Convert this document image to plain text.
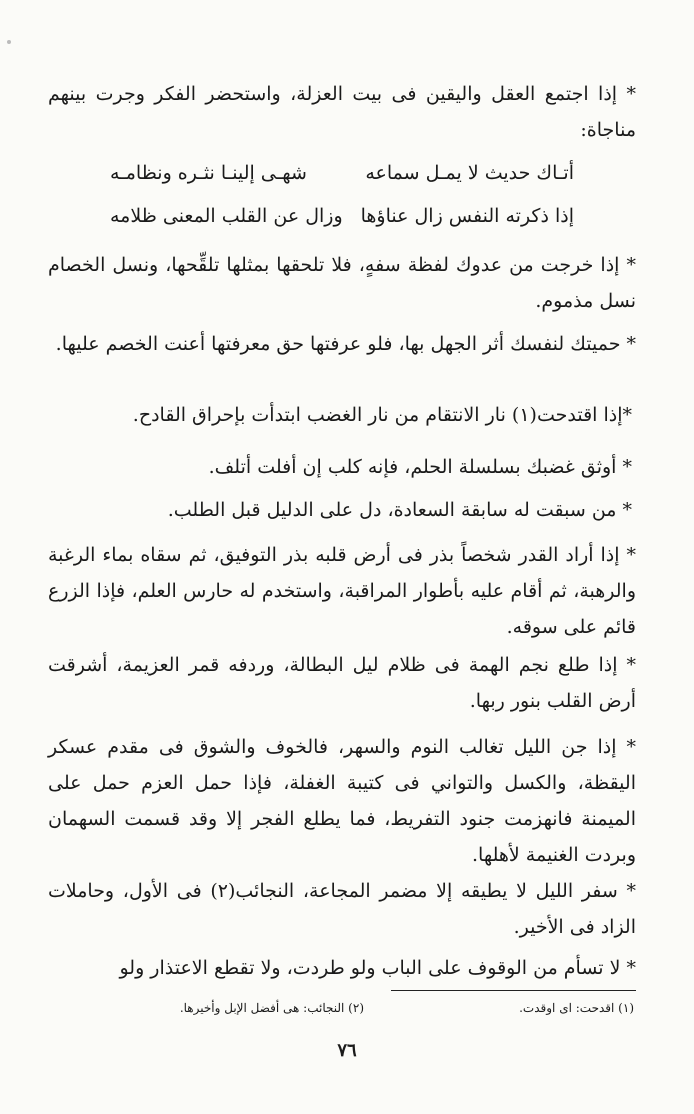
* إذا اجتمع العقل واليقين فى بيت العزلة، واستحضر الفكر وجرت بينهم مناجاة:

أتـاك حديث لا يمـل سماعه
شهـى إلينـا نثـره ونظامـه
إذا ذكرته النفس زال عناؤها
وزال عن القلب المعنى ظلامه

* إذا خرجت من عدوك لفظة سفهٍ، فلا تلحقها بمثلها تلقِّحها، ونسل الخصام نسل مذموم.

* حميتك لنفسك أثر الجهل بها، فلو عرفتها حق معرفتها أعنت الخصم عليها.

*إذا اقتدحت(١) نار الانتقام من نار الغضب ابتدأت بإحراق القادح.

* أوثق غضبك بسلسلة الحلم، فإنه كلب إن أفلت أتلف.

* من سبقت له سابقة السعادة، دل على الدليل قبل الطلب.

* إذا أراد القدر شخصاً بذر فى أرض قلبه بذر التوفيق، ثم سقاه بماء الرغبة والرهبة، ثم أقام عليه بأطوار المراقبة، واستخدم له حارس العلم، فإذا الزرع قائم على سوقه.

* إذا طلع نجم الهمة فى ظلام ليل البطالة، وردفه قمر العزيمة، أشرقت أرض القلب بنور ربها.

* إذا جن الليل تغالب النوم والسهر، فالخوف والشوق فى مقدم عسكر اليقظة، والكسل والتواني فى كتيبة الغفلة، فإذا حمل العزم حمل على الميمنة فانهزمت جنود التفريط، فما يطلع الفجر إلا وقد قسمت السهمان وبردت الغنيمة لأهلها.

* سفر الليل لا يطيقه إلا مضمر المجاعة، النجائب(٢) فى الأول، وحاملات الزاد فى الأخير.

* لا تسأم من الوقوف على الباب ولو طردت، ولا تقطع الاعتذار ولو

(١) اقدحت: اى اوقدت.
(٢) النجائب: هى أفضل الإبل وأخيرها.
٧٦
